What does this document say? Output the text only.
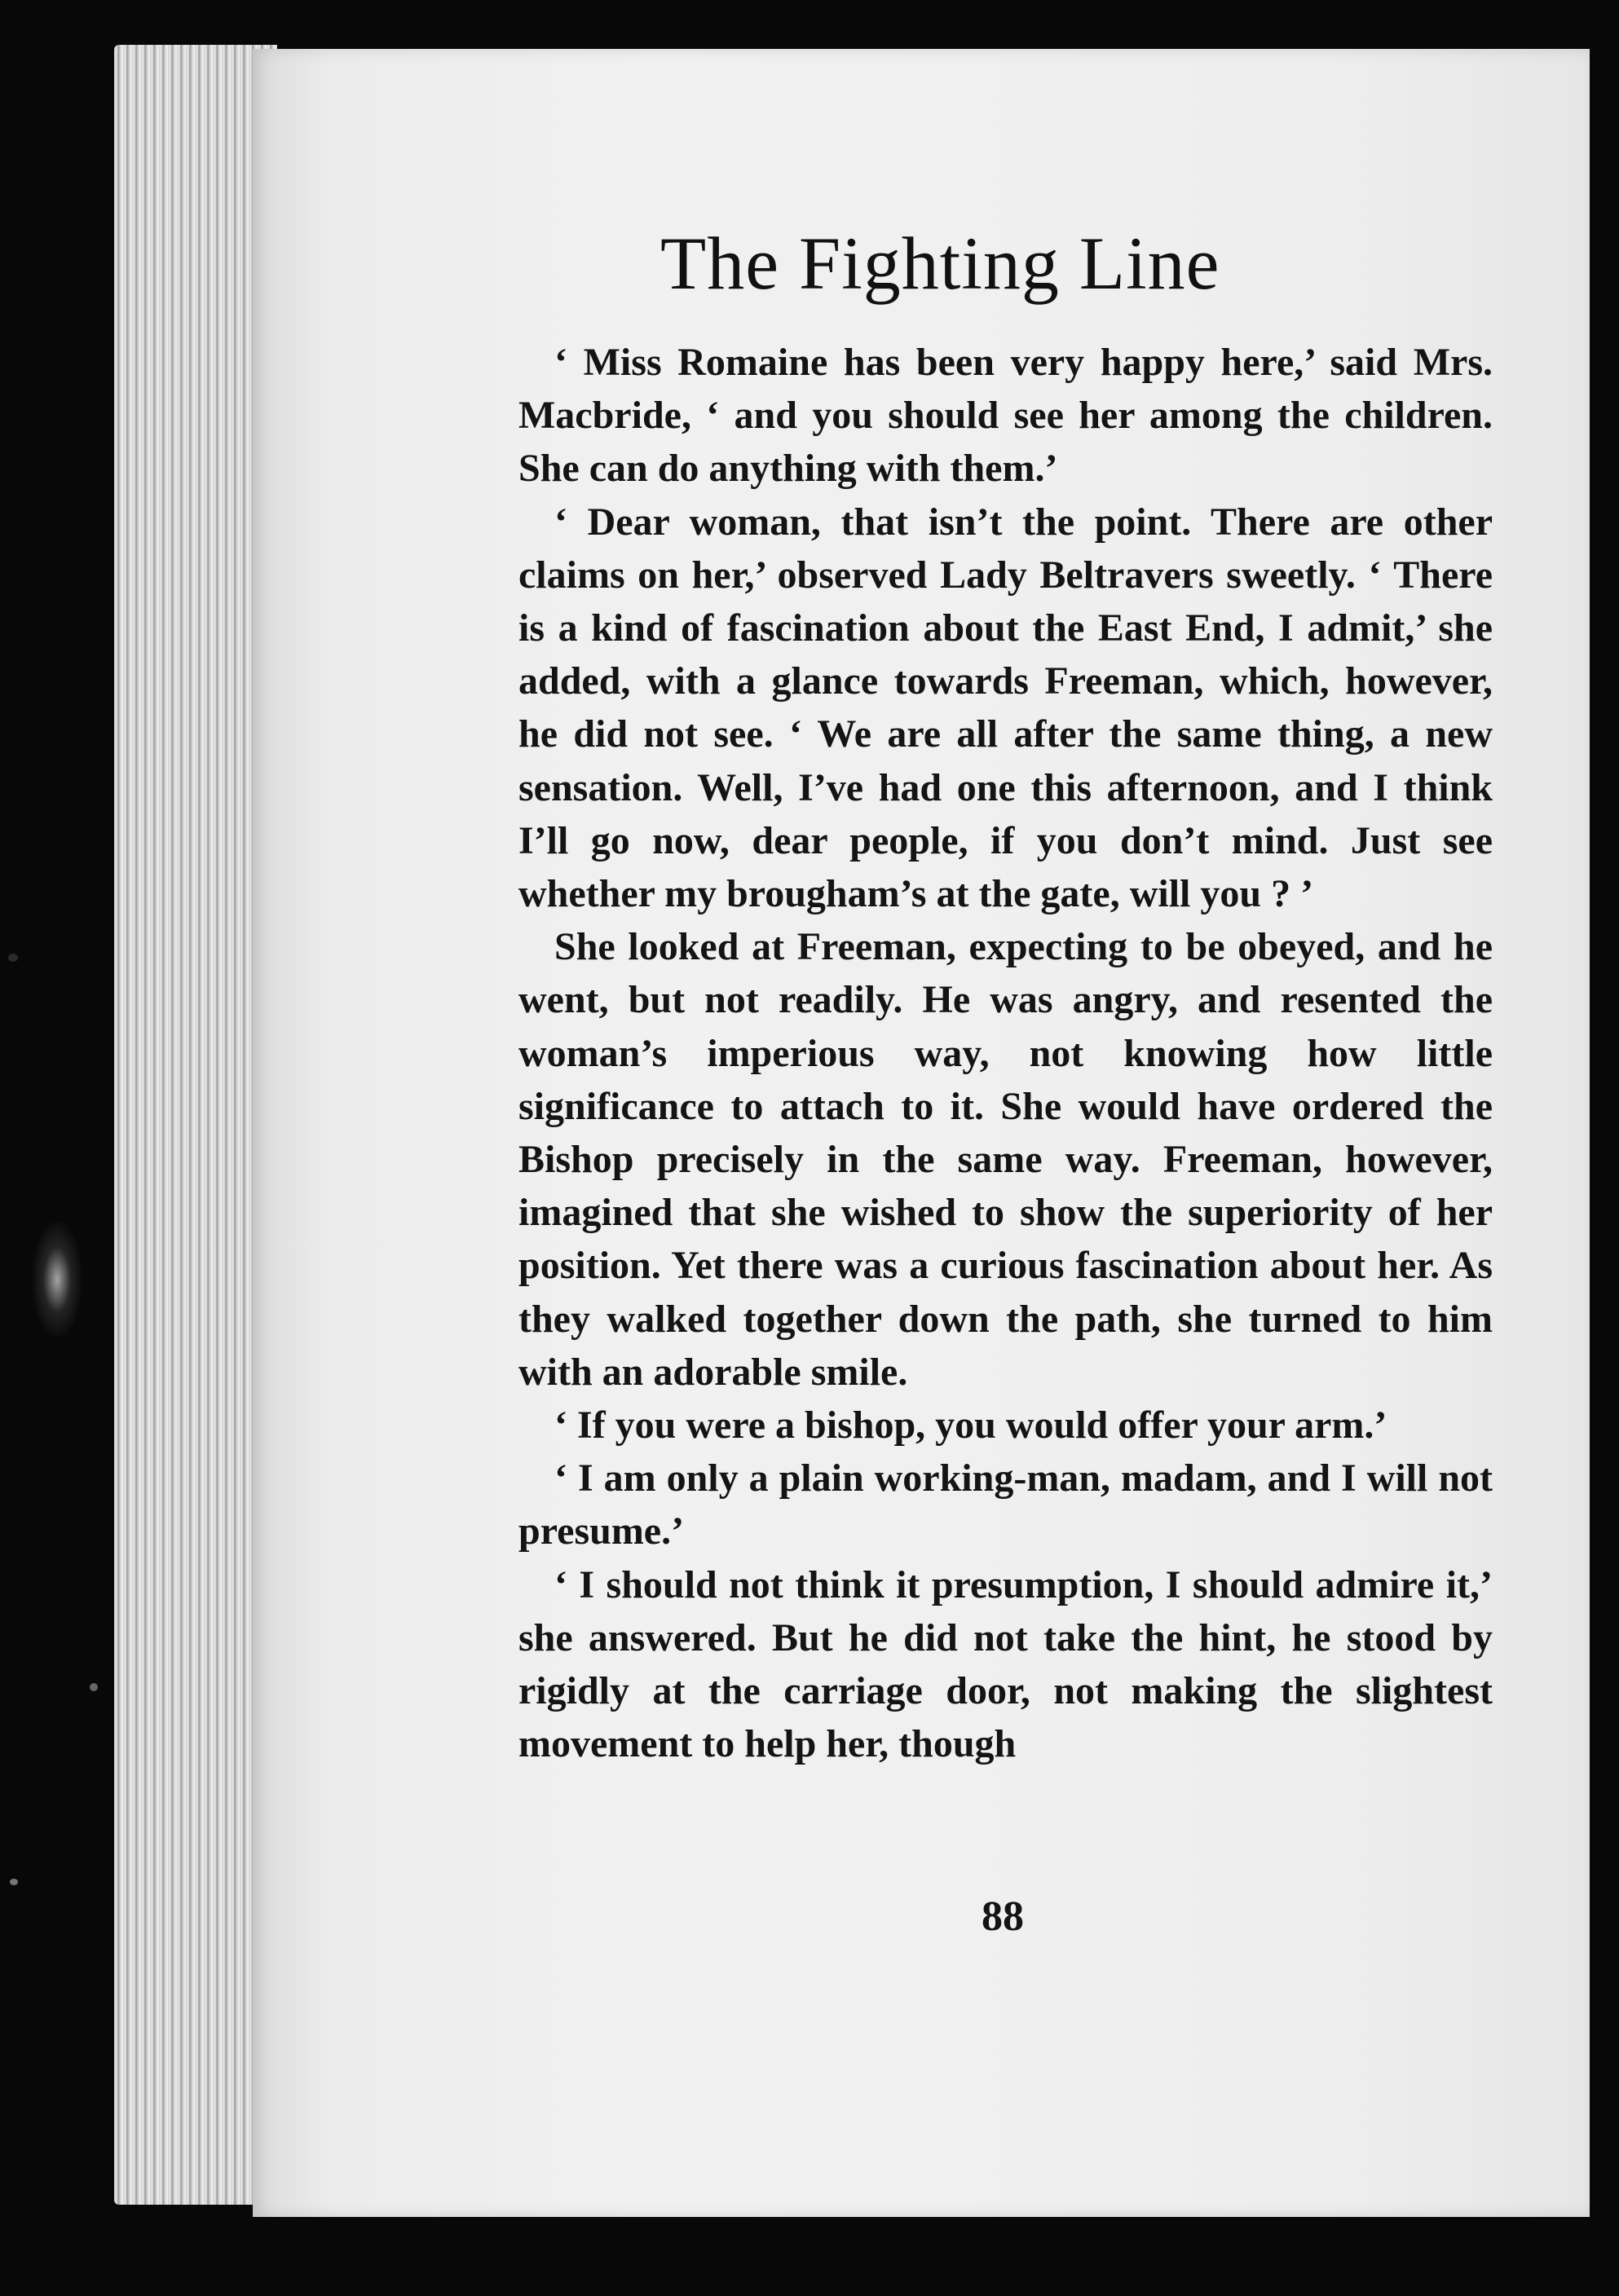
The Fighting Line

‘ Miss Romaine has been very happy here,’ said Mrs. Macbride, ‘ and you should see her among the children. She can do anything with them.’

‘ Dear woman, that isn’t the point. There are other claims on her,’ observed Lady Beltravers sweetly. ‘ There is a kind of fascination about the East End, I admit,’ she added, with a glance towards Freeman, which, however, he did not see. ‘ We are all after the same thing, a new sensation. Well, I’ve had one this afternoon, and I think I’ll go now, dear people, if you don’t mind. Just see whether my brougham’s at the gate, will you ? ’

She looked at Freeman, expecting to be obeyed, and he went, but not readily. He was angry, and resented the woman’s imperious way, not knowing how little significance to attach to it. She would have ordered the Bishop precisely in the same way. Freeman, however, imagined that she wished to show the superiority of her position. Yet there was a curious fascination about her. As they walked together down the path, she turned to him with an adorable smile.

‘ If you were a bishop, you would offer your arm.’

‘ I am only a plain working-man, madam, and I will not presume.’

‘ I should not think it presumption, I should admire it,’ she answered. But he did not take the hint, he stood by rigidly at the carriage door, not making the slightest movement to help her, though

88
